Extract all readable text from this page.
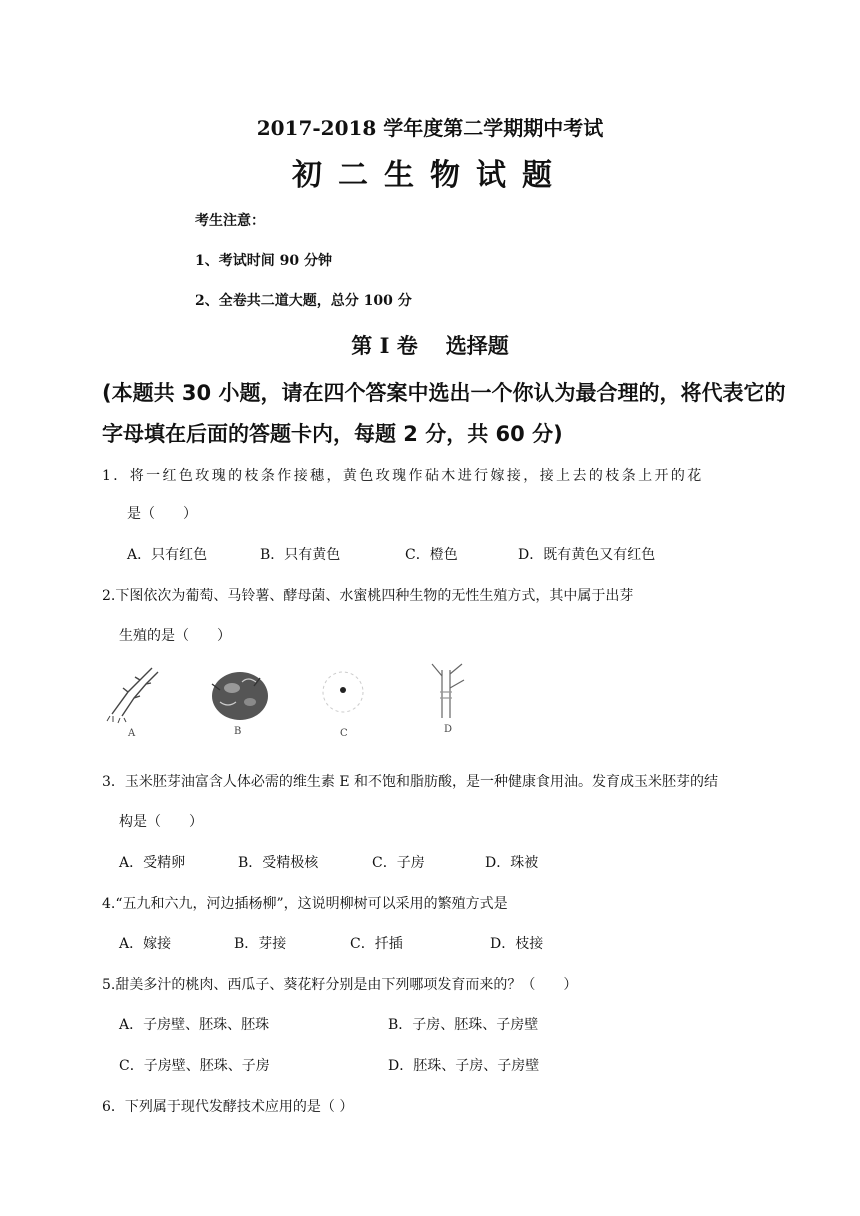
2017-2018 学年度第二学期期中考试
初二生物试题
考生注意：
1、考试时间 90 分钟
2、全卷共二道大题，总分 100 分
第 I 卷 选择题
(本题共 30 小题，请在四个答案中选出一个你认为最合理的，将代表它的
字母填在后面的答题卡内，每题 2 分，共 60 分)
1．将一红色玫瑰的枝条作接穗，黄色玫瑰作砧木进行嫁接，接上去的枝条上开的花
是（　　）
A．只有红色	B．只有黄色	C．橙色	D．既有黄色又有红色
2.下图依次为葡萄、马铃薯、酵母菌、水蜜桃四种生物的无性生殖方式，其中属于出芽
生殖的是（　　）
A	B	C	D
3．玉米胚芽油富含人体必需的维生素 E 和不饱和脂肪酸，是一种健康食用油。发育成玉米胚芽的结
构是（　　）
A．受精卵	B．受精极核	C．子房	D．珠被
4.“五九和六九，河边插杨柳”，这说明柳树可以采用的繁殖方式是
A．嫁接	B．芽接	C．扦插	D．枝接
5.甜美多汁的桃肉、西瓜子、葵花籽分别是由下列哪项发育而来的？（　　）
A．子房壁、胚珠、胚珠	B．子房、胚珠、子房壁
C．子房壁、胚珠、子房	D．胚珠、子房、子房壁
6．下列属于现代发酵技术应用的是（ ）
